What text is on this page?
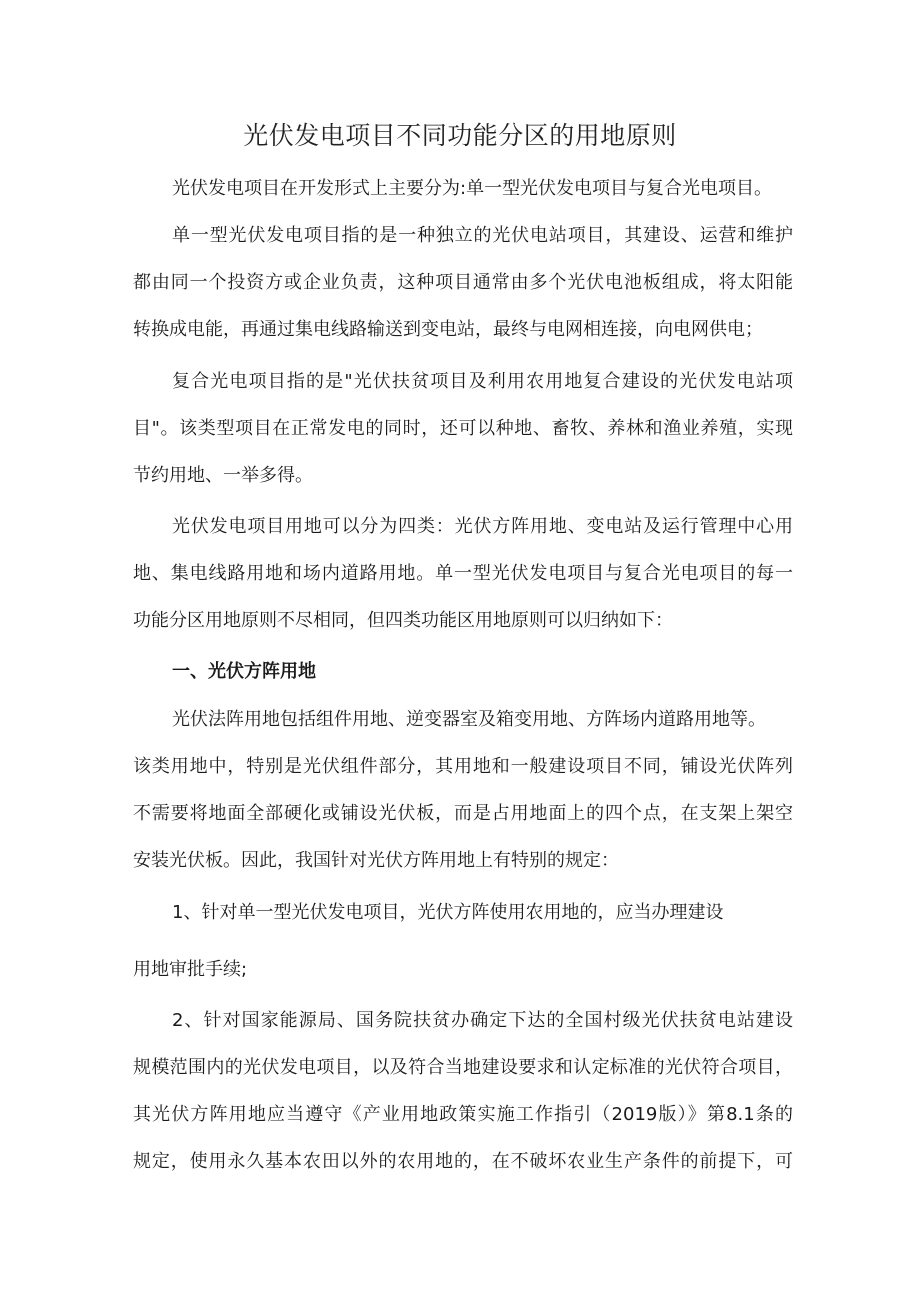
光伏发电项目不同功能分区的用地原则
光伏发电项目在开发形式上主要分为:单一型光伏发电项目与复合光电项目。
单一型光伏发电项目指的是一种独立的光伏电站项目，其建设、运营和维护
都由同一个投资方或企业负责，这种项目通常由多个光伏电池板组成，将太阳能
转换成电能，再通过集电线路输送到变电站，最终与电网相连接，向电网供电；
复合光电项目指的是"光伏扶贫项目及利用农用地复合建设的光伏发电站项
目"。该类型项目在正常发电的同时，还可以种地、畜牧、养林和渔业养殖，实现
节约用地、一举多得。
光伏发电项目用地可以分为四类：光伏方阵用地、变电站及运行管理中心用
地、集电线路用地和场内道路用地。单一型光伏发电项目与复合光电项目的每一
功能分区用地原则不尽相同，但四类功能区用地原则可以归纳如下：
一、光伏方阵用地
光伏法阵用地包括组件用地、逆变器室及箱变用地、方阵场内道路用地等。
该类用地中，特别是光伏组件部分，其用地和一般建设项目不同，铺设光伏阵列
不需要将地面全部硬化或铺设光伏板，而是占用地面上的四个点，在支架上架空
安装光伏板。因此，我国针对光伏方阵用地上有特别的规定：
1、针对单一型光伏发电项目，光伏方阵使用农用地的，应当办理建设
用地审批手续;
2、针对国家能源局、国务院扶贫办确定下达的全国村级光伏扶贫电站建设
规模范围内的光伏发电项目，以及符合当地建设要求和认定标准的光伏符合项目，
其光伏方阵用地应当遵守《产业用地政策实施工作指引（2019版）》第8.1条的
规定，使用永久基本农田以外的农用地的，在不破坏农业生产条件的前提下，可
